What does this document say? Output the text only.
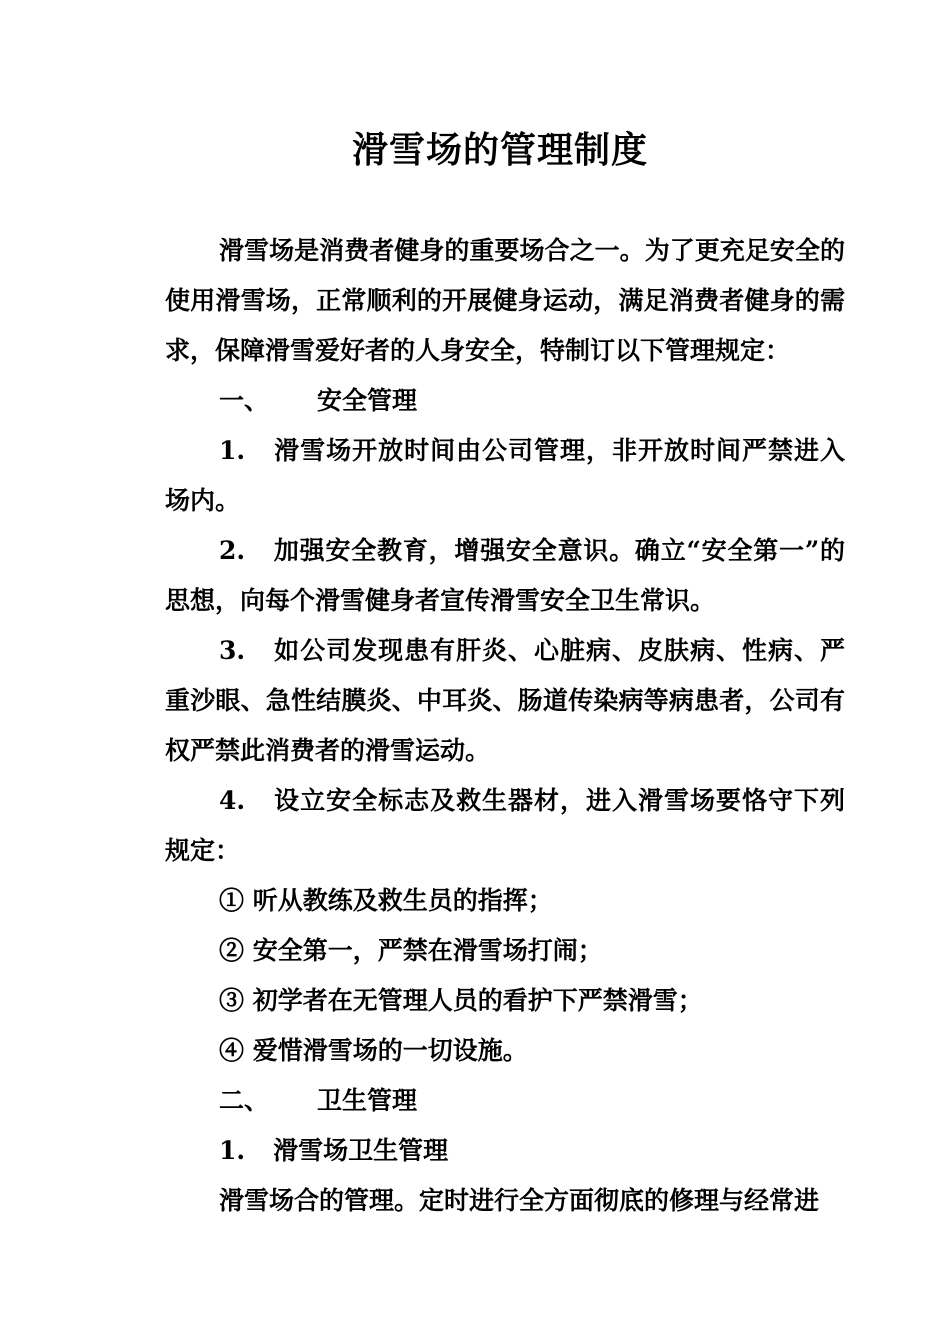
滑雪场的管理制度

滑雪场是消费者健身的重要场合之一。为了更充足安全的使用滑雪场，正常顺利的开展健身运动，满足消费者健身的需求，保障滑雪爱好者的人身安全，特制订以下管理规定：

一、 安全管理

1. 滑雪场开放时间由公司管理，非开放时间严禁进入场内。

2. 加强安全教育，增强安全意识。确立“安全第一”的思想，向每个滑雪健身者宣传滑雪安全卫生常识。

3. 如公司发现患有肝炎、心脏病、皮肤病、性病、严重沙眼、急性结膜炎、中耳炎、肠道传染病等病患者，公司有权严禁此消费者的滑雪运动。

4. 设立安全标志及救生器材，进入滑雪场要恪守下列规定：

① 听从教练及救生员的指挥；

② 安全第一，严禁在滑雪场打闹；

③ 初学者在无管理人员的看护下严禁滑雪；

④ 爱惜滑雪场的一切设施。

二、 卫生管理

1. 滑雪场卫生管理

滑雪场合的管理。定时进行全方面彻底的修理与经常进
